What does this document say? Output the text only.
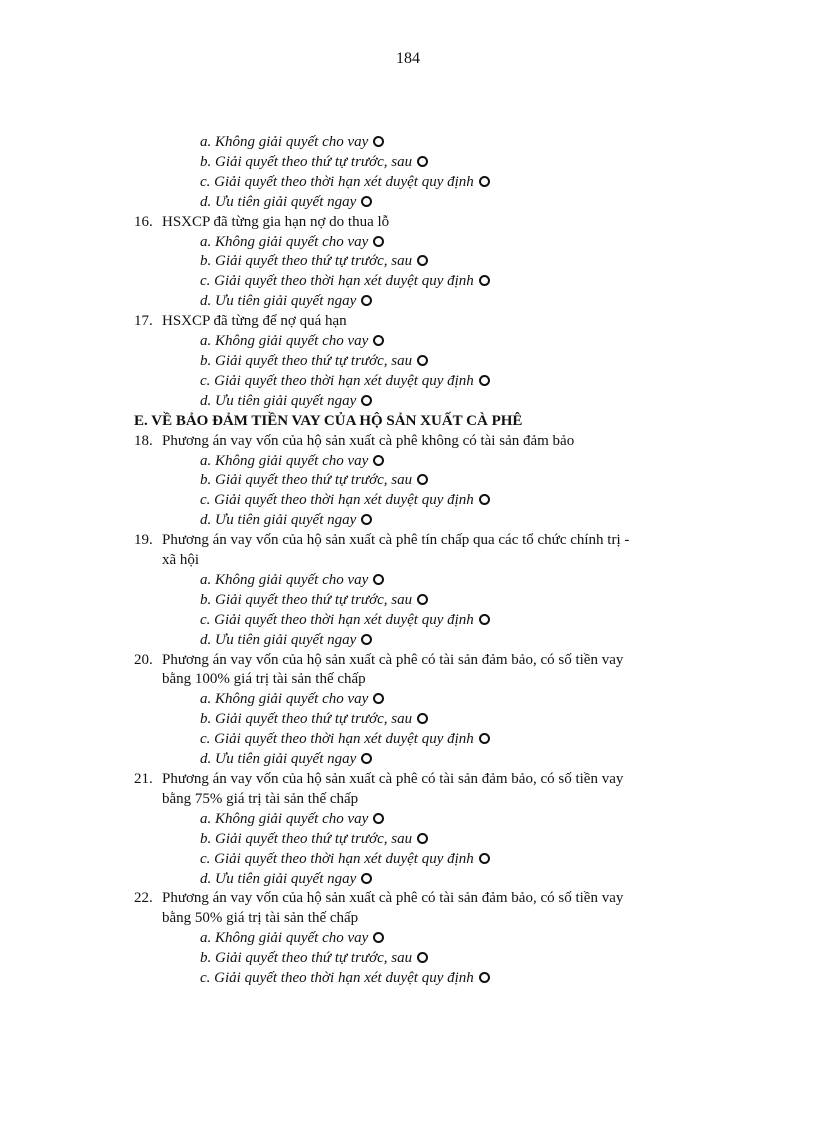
184
a. Không giải quyết cho vay
b. Giải quyết theo thứ tự trước, sau
c. Giải quyết theo thời hạn xét duyệt quy định
d. Ưu tiên giải quyết ngay
16. HSXCP đã từng gia hạn nợ do thua lỗ
a. Không giải quyết cho vay
b. Giải quyết theo thứ tự trước, sau
c. Giải quyết theo thời hạn xét duyệt quy định
d. Ưu tiên giải quyết ngay
17. HSXCP đã từng để nợ quá hạn
a. Không giải quyết cho vay
b. Giải quyết theo thứ tự trước, sau
c. Giải quyết theo thời hạn xét duyệt quy định
d. Ưu tiên giải quyết ngay
E. VỀ BẢO ĐẢM TIỀN VAY CỦA HỘ SẢN XUẤT CÀ PHÊ
18. Phương án vay vốn của hộ sản xuất cà phê không có tài sản đảm bảo
a. Không giải quyết cho vay
b. Giải quyết theo thứ tự trước, sau
c. Giải quyết theo thời hạn xét duyệt quy định
d. Ưu tiên giải quyết ngay
19. Phương án vay vốn của hộ sản xuất cà phê tín chấp qua các tổ chức chính trị -
xã hội
a. Không giải quyết cho vay
b. Giải quyết theo thứ tự trước, sau
c. Giải quyết theo thời hạn xét duyệt quy định
d. Ưu tiên giải quyết ngay
20. Phương án vay vốn của hộ sản xuất cà phê có tài sản đảm bảo, có số tiền vay
bằng 100% giá trị tài sản thế chấp
a. Không giải quyết cho vay
b. Giải quyết theo thứ tự trước, sau
c. Giải quyết theo thời hạn xét duyệt quy định
d. Ưu tiên giải quyết ngay
21. Phương án vay vốn của hộ sản xuất cà phê có tài sản đảm bảo, có số tiền vay
bằng 75% giá trị tài sản thế chấp
a. Không giải quyết cho vay
b. Giải quyết theo thứ tự trước, sau
c. Giải quyết theo thời hạn xét duyệt quy định
d. Ưu tiên giải quyết ngay
22. Phương án vay vốn của hộ sản xuất cà phê có tài sản đảm bảo, có số tiền vay
bằng 50% giá trị tài sản thế chấp
a. Không giải quyết cho vay
b. Giải quyết theo thứ tự trước, sau
c. Giải quyết theo thời hạn xét duyệt quy định
